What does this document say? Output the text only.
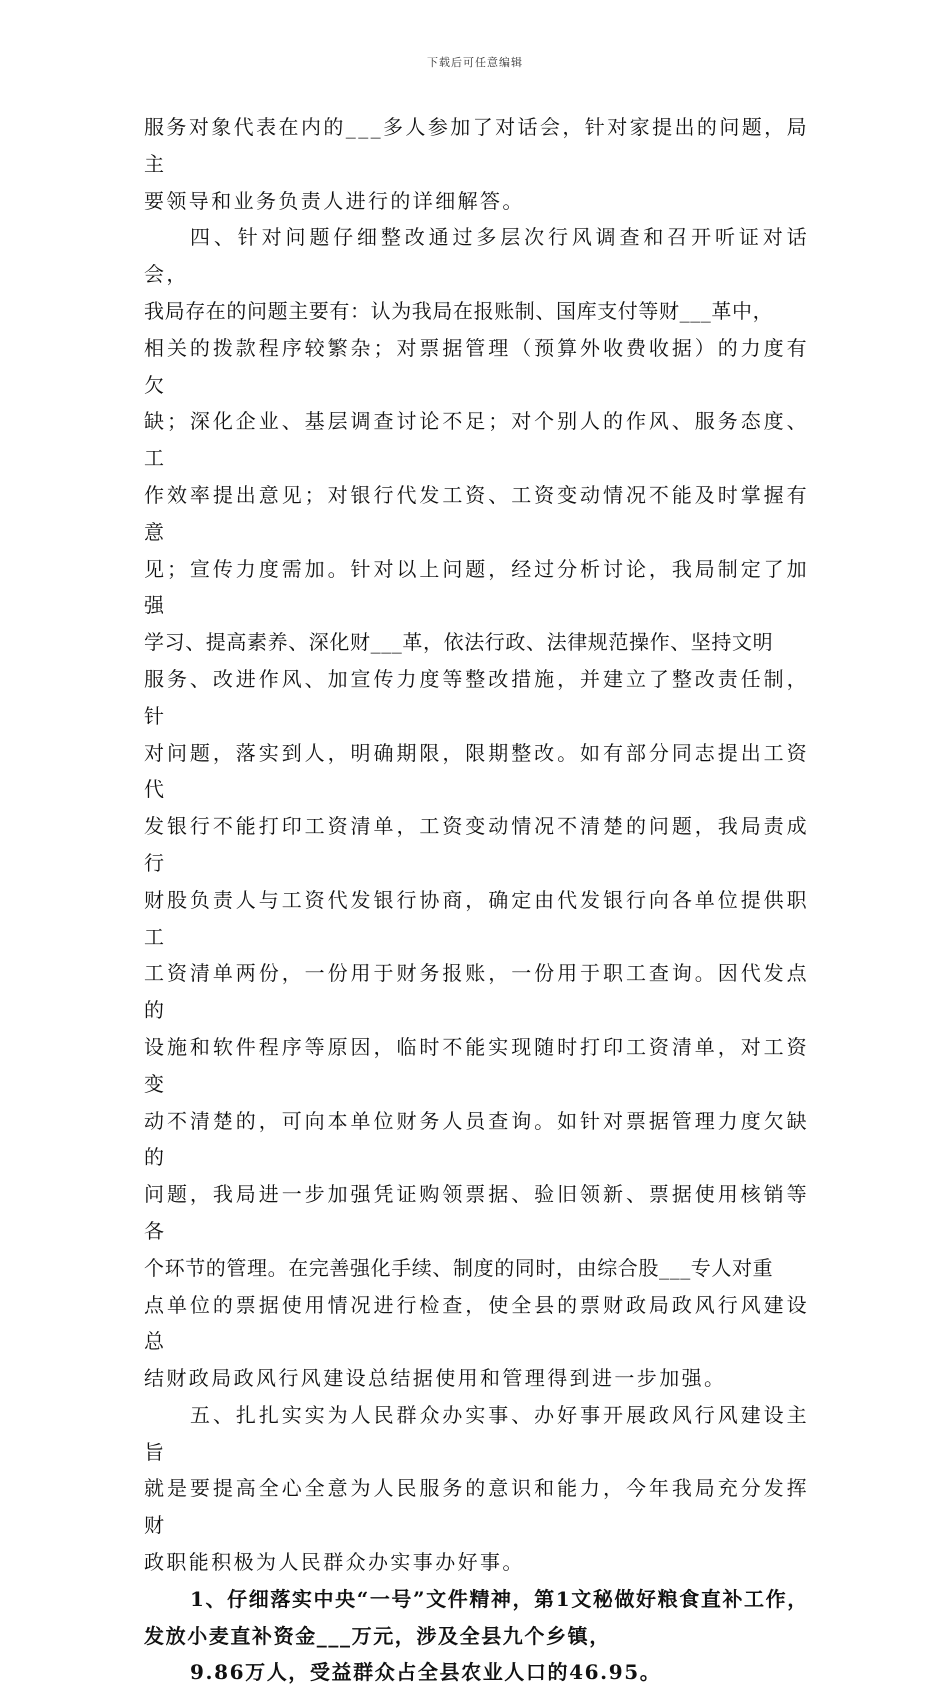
下载后可任意编辑

服务对象代表在内的___多人参加了对话会，针对家提出的问题，局主
要领导和业务负责人进行的详细解答。

四、针对问题仔细整改通过多层次行风调查和召开听证对话会，
我局存在的问题主要有：认为我局在报账制、国库支付等财___革中，
相关的拨款程序较繁杂；对票据管理（预算外收费收据）的力度有欠
缺；深化企业、基层调查讨论不足；对个别人的作风、服务态度、工
作效率提出意见；对银行代发工资、工资变动情况不能及时掌握有意
见；宣传力度需加。针对以上问题，经过分析讨论，我局制定了加强
学习、提高素养、深化财___革，依法行政、法律规范操作、坚持文明
服务、改进作风、加宣传力度等整改措施，并建立了整改责任制，针
对问题，落实到人，明确期限，限期整改。如有部分同志提出工资代
发银行不能打印工资清单，工资变动情况不清楚的问题，我局责成行
财股负责人与工资代发银行协商，确定由代发银行向各单位提供职工
工资清单两份，一份用于财务报账，一份用于职工查询。因代发点的
设施和软件程序等原因，临时不能实现随时打印工资清单，对工资变
动不清楚的，可向本单位财务人员查询。如针对票据管理力度欠缺的
问题，我局进一步加强凭证购领票据、验旧领新、票据使用核销等各
个环节的管理。在完善强化手续、制度的同时，由综合股___专人对重
点单位的票据使用情况进行检查，使全县的票财政局政风行风建设总
结财政局政风行风建设总结据使用和管理得到进一步加强。

五、扎扎实实为人民群众办实事、办好事开展政风行风建设主旨
就是要提高全心全意为人民服务的意识和能力，今年我局充分发挥财
政职能积极为人民群众办实事办好事。

1、仔细落实中央“一号”文件精神，第1文秘做好粮食直补工作，
发放小麦直补资金___万元，涉及全县九个乡镇，

9.86万人，受益群众占全县农业人口的46.95。
